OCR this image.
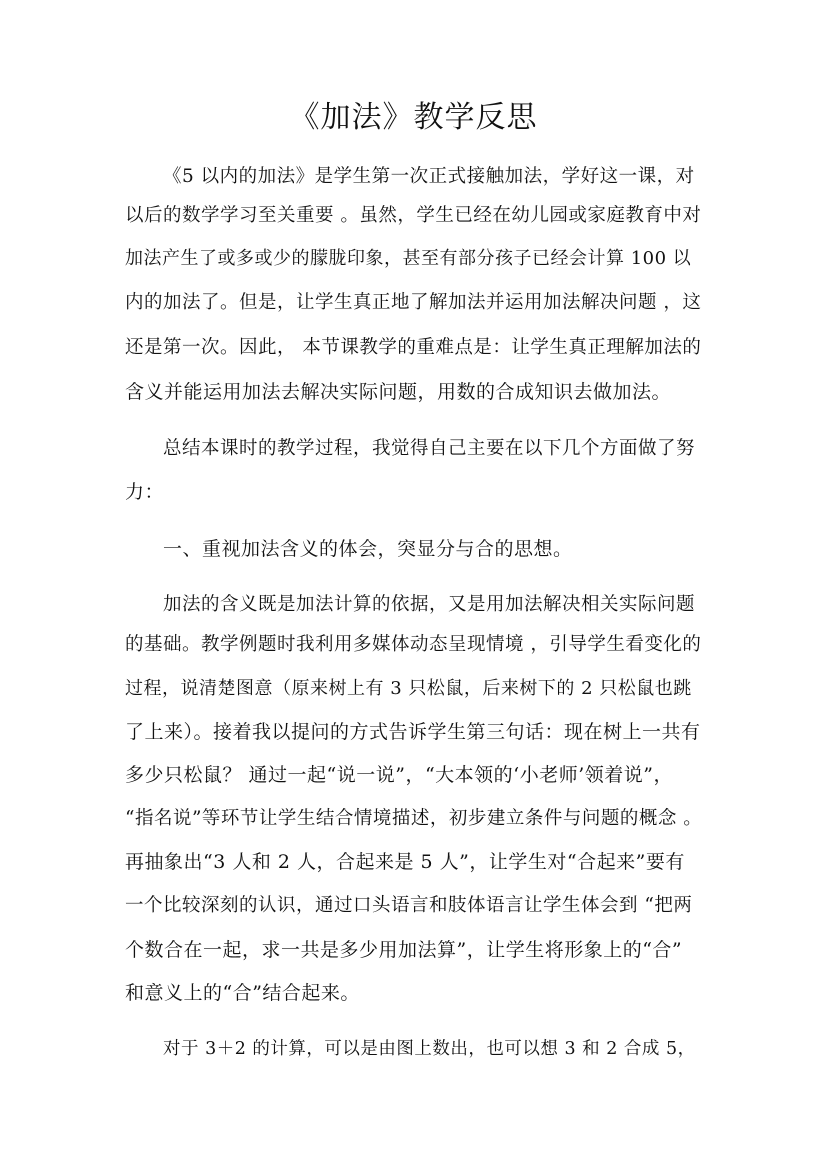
《加法》教学反思
《5 以内的加法》是学生第一次正式接触加法，学好这一课，对
以后的数学学习至关重要 。虽然，学生已经在幼儿园或家庭教育中对
加法产生了或多或少的朦胧印象，甚至有部分孩子已经会计算 100 以
内的加法了。但是，让学生真正地了解加法并运用加法解决问题 ，这
还是第一次。因此， 本节课教学的重难点是：让学生真正理解加法的
含义并能运用加法去解决实际问题，用数的合成知识去做加法。
总结本课时的教学过程，我觉得自己主要在以下几个方面做了努
力：
一、重视加法含义的体会，突显分与合的思想。
加法的含义既是加法计算的依据，又是用加法解决相关实际问题
的基础。教学例题时我利用多媒体动态呈现情境 ，引导学生看变化的
过程，说清楚图意（原来树上有 3 只松鼠，后来树下的 2 只松鼠也跳
了上来）。接着我以提问的方式告诉学生第三句话：现在树上一共有
多少只松鼠？ 通过一起“说一说”，“大本领的‘小老师’领着说”，
“指名说”等环节让学生结合情境描述，初步建立条件与问题的概念 。
再抽象出“3 人和 2 人，合起来是 5 人”，让学生对“合起来”要有
一个比较深刻的认识，通过口头语言和肢体语言让学生体会到 “把两
个数合在一起，求一共是多少用加法算”，让学生将形象上的“合”
和意义上的“合”结合起来。
对于 3＋2 的计算，可以是由图上数出，也可以想 3 和 2 合成 5，
